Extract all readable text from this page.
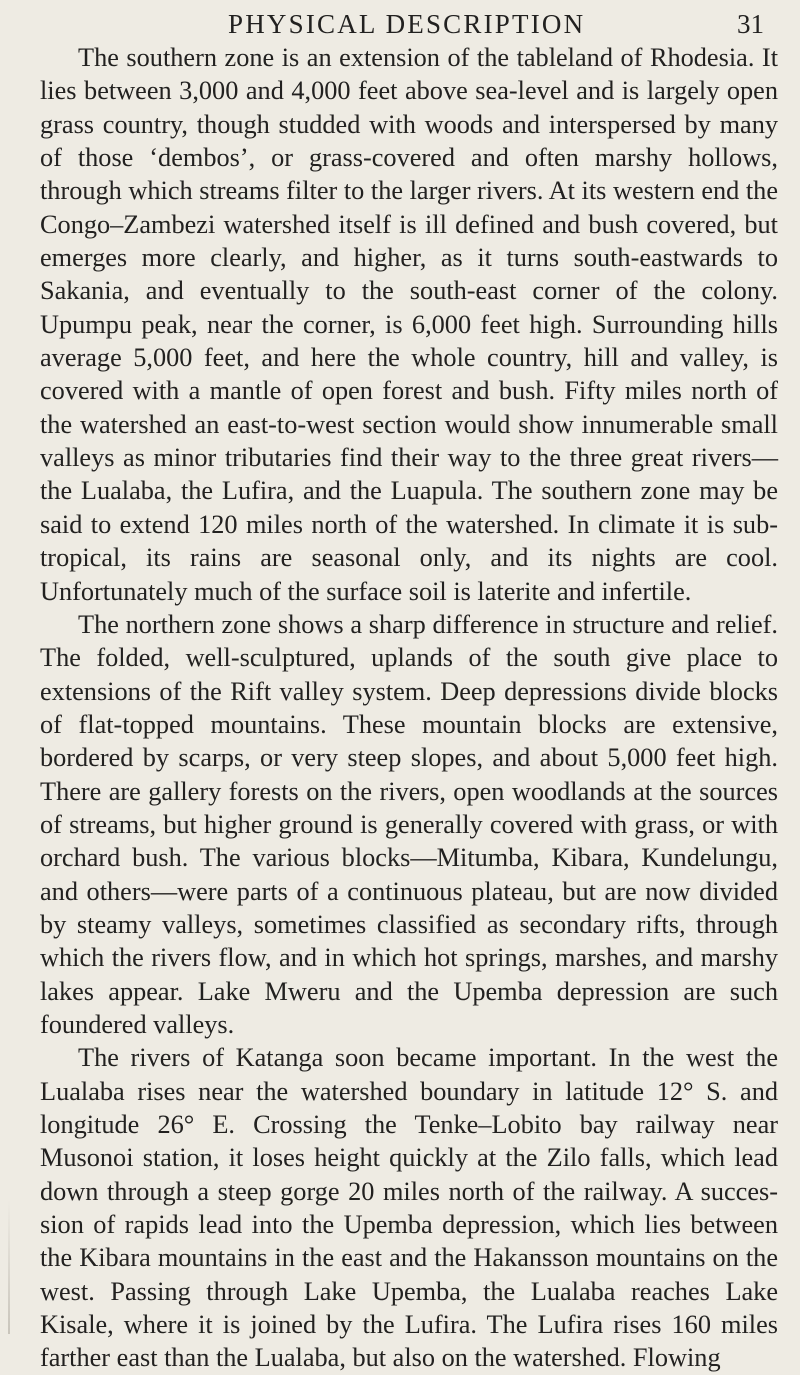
PHYSICAL DESCRIPTION	31

The southern zone is an extension of the tableland of Rhodesia. It lies between 3,000 and 4,000 feet above sea-level and is largely open grass country, though studded with woods and interspersed by many of those ‘dembos’, or grass-covered and often marshy hollows, through which streams filter to the larger rivers. At its western end the Congo–Zambezi watershed itself is ill defined and bush covered, but emerges more clearly, and higher, as it turns south-eastwards to Sakania, and eventually to the south-east corner of the colony. Upumpu peak, near the corner, is 6,000 feet high. Surrounding hills average 5,000 feet, and here the whole country, hill and valley, is covered with a mantle of open forest and bush. Fifty miles north of the watershed an east-to-west section would show innumerable small valleys as minor tributaries find their way to the three great rivers—the Lualaba, the Lufira, and the Luapula. The southern zone may be said to extend 120 miles north of the watershed. In climate it is sub-tropical, its rains are seasonal only, and its nights are cool. Unfortunately much of the surface soil is laterite and infertile.

The northern zone shows a sharp difference in structure and relief. The folded, well-sculptured, uplands of the south give place to extensions of the Rift valley system. Deep depressions divide blocks of flat-topped mountains. These mountain blocks are extensive, bordered by scarps, or very steep slopes, and about 5,000 feet high. There are gallery forests on the rivers, open woodlands at the sources of streams, but higher ground is generally covered with grass, or with orchard bush. The various blocks—Mitumba, Kibara, Kundelungu, and others—were parts of a continuous plateau, but are now divided by steamy valleys, sometimes classified as secondary rifts, through which the rivers flow, and in which hot springs, marshes, and marshy lakes appear. Lake Mweru and the Upemba depression are such foundered valleys.

The rivers of Katanga soon became important. In the west the Lualaba rises near the watershed boundary in latitude 12° S. and longitude 26° E. Crossing the Tenke–Lobito bay railway near Musonoi station, it loses height quickly at the Zilo falls, which lead down through a steep gorge 20 miles north of the railway. A succession of rapids lead into the Upemba depression, which lies between the Kibara mountains in the east and the Hakansson mountains on the west. Passing through Lake Upemba, the Lualaba reaches Lake Kisale, where it is joined by the Lufira. The Lufira rises 160 miles farther east than the Lualaba, but also on the watershed. Flowing
